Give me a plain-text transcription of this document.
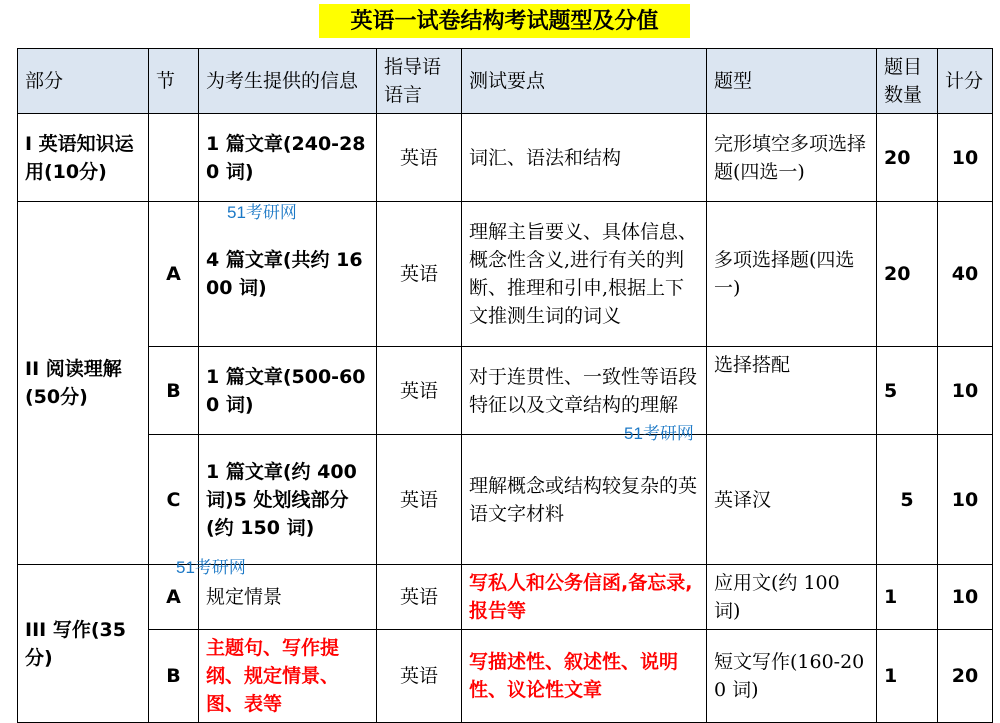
英语一试卷结构考试题型及分值
部分	节	为考生提供的信息	指导语语言	测试要点	题型	题目数量	计分
I 英语知识运用(10分)		1 篇文章(240-280 词)	英语	词汇、语法和结构	完形填空多项选择题(四选一)	20	10
II 阅读理解(50分)	A	4 篇文章(共约 1600 词)	英语	理解主旨要义、具体信息、概念性含义,进行有关的判断、推理和引申,根据上下文推测生词的词义	多项选择题(四选一)	20	40
	B	1 篇文章(500-600 词)	英语	对于连贯性、一致性等语段特征以及文章结构的理解	选择搭配	5	10
	C	1 篇文章(约 400 词)5 处划线部分(约 150 词)	英语	理解概念或结构较复杂的英语文字材料	英译汉	5	10
III 写作(35分)	A	规定情景	英语	写私人和公务信函,备忘录,报告等	应用文(约 100 词)	1	10
	B	主题句、写作提纲、规定情景、图、表等	英语	写描述性、叙述性、说明性、议论性文章	短文写作(160-200 词)	1	20
51考研网
51考研网
51考研网
